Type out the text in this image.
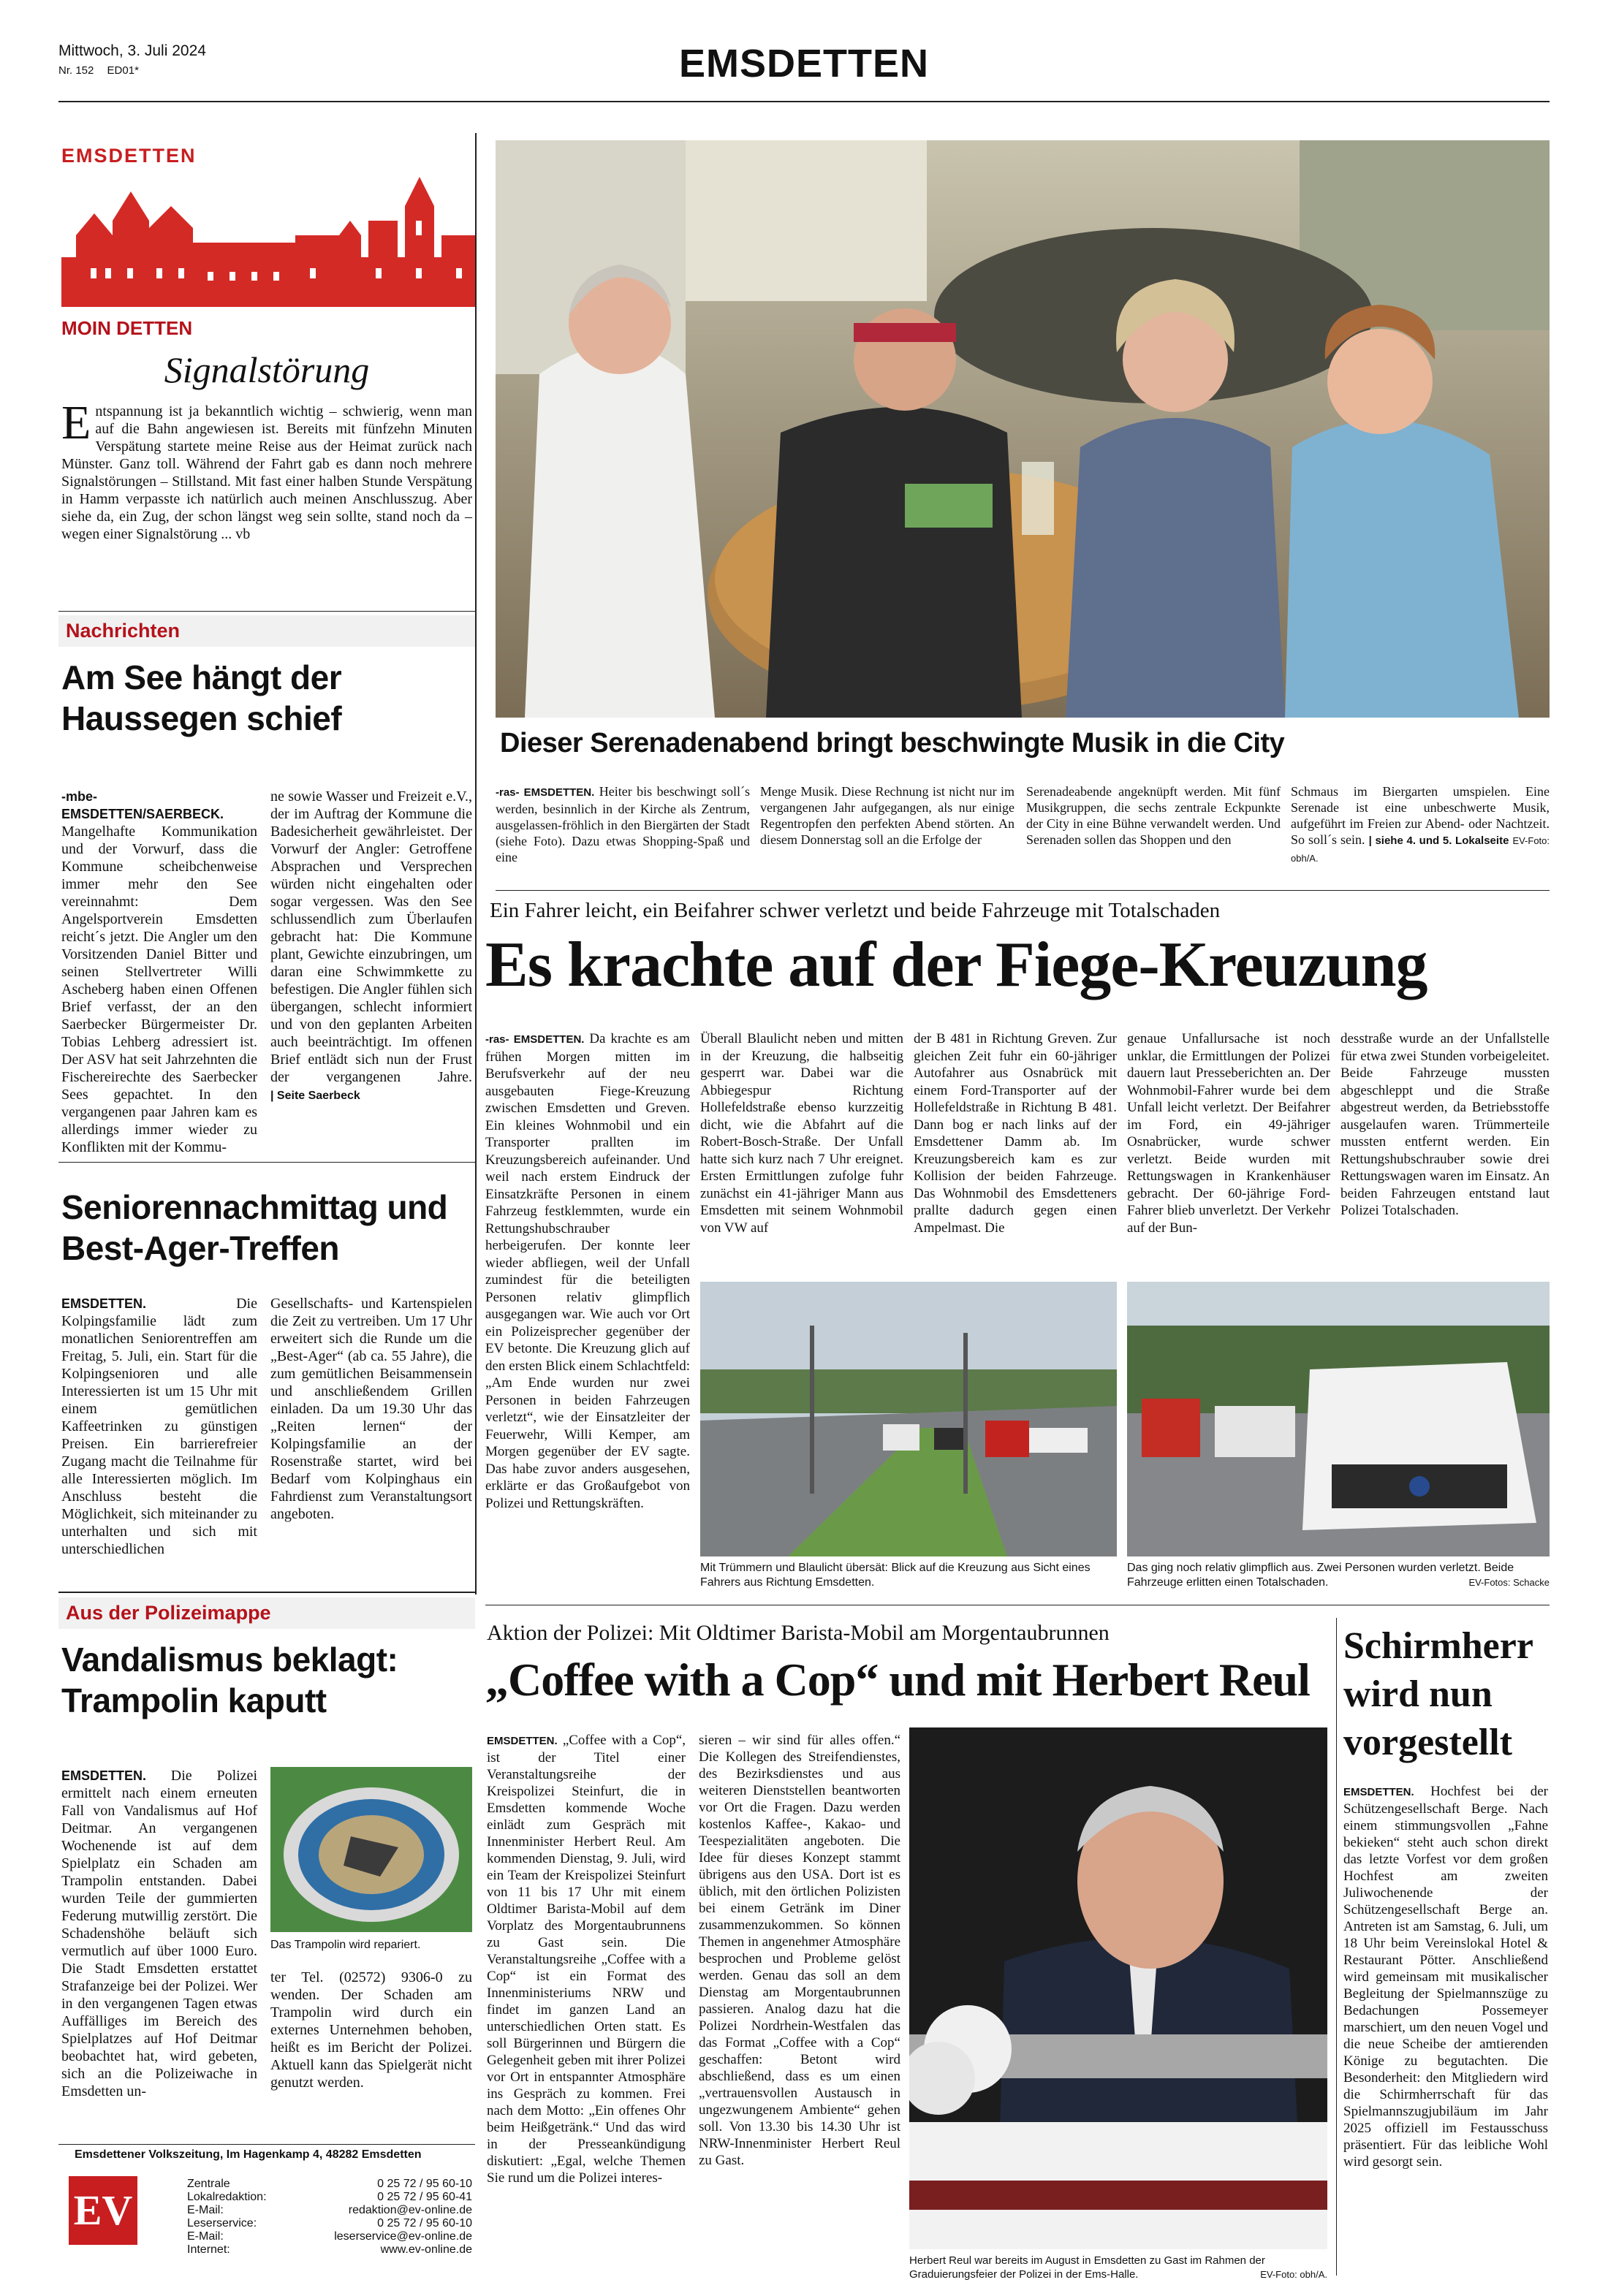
Mittwoch, 3. Juli 2024
Nr. 152 ED01*	EMSDETTEN
EMSDETTEN
MOIN DETTEN
Signalstörung
E ntspannung ist ja bekanntlich wichtig – schwierig, wenn man auf die Bahn angewiesen ist. Bereits mit fünfzehn Minuten Verspätung startete meine Reise aus der Heimat zurück nach Münster. Ganz toll. Während der Fahrt gab es dann noch mehrere Signalstörungen – Stillstand. Mit fast einer halben Stunde Verspätung in Hamm verpasste ich natürlich auch meinen Anschlusszug. Aber siehe da, ein Zug, der schon längst weg sein sollte, stand noch da – wegen einer Signalstörung ... vb
Nachrichten
Am See hängt der Haussegen schief
-mbe- EMSDETTEN/SAERBECK. Mangelhafte Kommunikation und der Vorwurf, dass die Kommune scheibchenweise immer mehr den See vereinnahmt: Dem Angelsportverein Emsdetten reicht´s jetzt. Die Angler um den Vorsitzenden Daniel Bitter und seinen Stellvertreter Willi Ascheberg haben einen Offenen Brief verfasst, der an den Saerbecker Bürgermeister Dr. Tobias Lehberg adressiert ist. Der ASV hat seit Jahrzehnten die Fischereirechte des Saerbecker Sees gepachtet. In den vergangenen paar Jahren kam es allerdings immer wieder zu Konflikten mit der Kommu-
ne sowie Wasser und Freizeit e.V., der im Auftrag der Kommune die Badesicherheit gewährleistet. Der Vorwurf der Angler: Getroffene Absprachen und Versprechen würden nicht eingehalten oder sogar vergessen. Was den See schlussendlich zum Überlaufen gebracht hat: Die Kommune plant, Gewichte einzubringen, um daran eine Schwimmkette zu befestigen. Die Angler fühlen sich übergangen, schlecht informiert und von den geplanten Arbeiten auch beeinträchtigt. Im offenen Brief entlädt sich nun der Frust der vergangenen Jahre. | Seite Saerbeck
Seniorennachmittag und Best-Ager-Treffen
EMSDETTEN.	Die Kolpingsfamilie lädt zum monatlichen Seniorentreffen am Freitag, 5. Juli, ein. Start für die Kolpingsenioren und alle Interessierten ist um 15 Uhr mit einem gemütlichen Kaffeetrinken zu günstigen Preisen. Ein barrierefreier Zugang macht die Teilnahme für alle Interessierten möglich. Im Anschluss besteht die Möglichkeit, sich miteinander zu unterhalten und sich mit unterschiedlichen
Gesellschafts- und Kartenspielen die Zeit zu vertreiben. Um 17 Uhr erweitert sich die Runde um die „Best-Ager“ (ab ca. 55 Jahre), die zum gemütlichen Beisammensein und anschließendem Grillen einladen. Da um 19.30 Uhr das „Reiten lernen“ der Kolpingsfamilie an der Rosenstraße startet, wird bei Bedarf vom Kolpinghaus ein Fahrdienst zum Veranstaltungsort angeboten.
Aus der Polizeimappe
Vandalismus beklagt: Trampolin kaputt
EMSDETTEN. Die Polizei ermittelt nach einem erneuten Fall von Vandalismus auf Hof Deitmar. An vergangenen Wochenende ist auf dem Spielplatz ein Schaden am Trampolin entstanden. Dabei wurden Teile der gummierten Federung mutwillig zerstört. Die Schadenshöhe beläuft sich vermutlich auf über 1000 Euro. Die Stadt Emsdetten erstattet Strafanzeige bei der Polizei. Wer in den vergangenen Tagen etwas Auffälliges im Bereich des Spielplatzes auf Hof Deitmar beobachtet hat, wird gebeten, sich an die Polizeiwache in Emsdetten un-
Das Trampolin wird repariert.
ter Tel. (02572) 9306-0 zu wenden. Der Schaden am Trampolin wird durch ein externes Unternehmen behoben, heißt es im Bericht der Polizei. Aktuell kann das Spielgerät nicht genutzt werden.
Emsdettener Volkszeitung, Im Hagenkamp 4, 48282 Emsdetten
EV
Zentrale	0 25 72 / 95 60-10
Lokalredaktion:	0 25 72 / 95 60-41
E-Mail:	redaktion@ev-online.de
Leserservice:	0 25 72 / 95 60-10
E-Mail:	leserservice@ev-online.de
Internet:	www.ev-online.de
Dieser Serenadenabend bringt beschwingte Musik in die City
-ras- EMSDETTEN. Heiter bis beschwingt soll´s werden, besinnlich in der Kirche als Zentrum, ausgelassen-fröhlich in den Biergärten der Stadt (siehe Foto). Dazu etwas Shopping-Spaß und eine
Menge Musik. Diese Rechnung ist nicht nur im vergangenen Jahr aufgegangen, als nur einige Regentropfen den perfekten Abend störten. An diesem Donnerstag soll an die Erfolge der
Serenadeabende angeknüpft werden. Mit fünf Musikgruppen, die sechs zentrale Eckpunkte der City in eine Bühne verwandelt werden. Und Serenaden sollen das Shoppen und den
Schmaus im Biergarten umspielen. Eine Serenade ist eine unbeschwerte Musik, aufgeführt im Freien zur Abend- oder Nachtzeit. So soll´s sein. | siehe 4. und 5. Lokalseite EV-Foto: obh/A.
Ein Fahrer leicht, ein Beifahrer schwer verletzt und beide Fahrzeuge mit Totalschaden
Es krachte auf der Fiege-Kreuzung
-ras- EMSDETTEN. Da krachte es am frühen Morgen mitten im Berufsverkehr auf der neu ausgebauten Fiege-Kreuzung zwischen Emsdetten und Greven. Ein kleines Wohnmobil und ein Transporter prallten im Kreuzungsbereich aufeinander. Und weil nach erstem Eindruck der Einsatzkräfte Personen in einem Fahrzeug festklemmten, wurde ein Rettungshubschrauber herbeigerufen. Der konnte leer wieder abfliegen, weil der Unfall zumindest für die beteiligten Personen relativ glimpflich ausgegangen war. Wie auch vor Ort ein Polizeisprecher gegenüber der EV betonte. Die Kreuzung glich auf den ersten Blick einem Schlachtfeld: „Am Ende wurden nur zwei Personen in beiden Fahrzeugen verletzt“, wie der Einsatzleiter der Feuerwehr, Willi Kemper, am Morgen gegenüber der EV sagte. Das habe zuvor anders ausgesehen, erklärte er das Großaufgebot von Polizei und Rettungskräften.
Überall Blaulicht neben und mitten in der Kreuzung, die halbseitig gesperrt war. Dabei war die Abbiegespur Richtung Hollefeldstraße ebenso kurzzeitig dicht, wie die Abfahrt auf die Robert-Bosch-Straße. Der Unfall hatte sich kurz nach 7 Uhr ereignet. Ersten Ermittlungen zufolge fuhr zunächst ein 41-jähriger Mann aus Emsdetten mit seinem Wohnmobil von VW auf
der B 481 in Richtung Greven. Zur gleichen Zeit fuhr ein 60-jähriger Autofahrer aus Osnabrück mit einem Ford-Transporter auf der Hollefeldstraße in Richtung B 481. Dann bog er nach links auf der Emsdettener Damm ab. Im Kreuzungsbereich kam es zur Kollision der beiden Fahrzeuge. Das Wohnmobil des Emsdetteners prallte dadurch gegen einen Ampelmast. Die
genaue Unfallursache ist noch unklar, die Ermittlungen der Polizei dauern laut Presseberichten an. Der Wohnmobil-Fahrer wurde bei dem Unfall leicht verletzt. Der Beifahrer im Ford, ein 49-jähriger Osnabrücker, wurde schwer verletzt. Beide wurden mit Rettungswagen in Krankenhäuser gebracht. Der 60-jährige Ford-Fahrer blieb unverletzt. Der Verkehr auf der Bun-
desstraße wurde an der Unfallstelle für etwa zwei Stunden vorbeigeleitet. Beide Fahrzeuge mussten abgeschleppt und die Straße abgestreut werden, da Betriebsstoffe ausgelaufen waren. Trümmerteile mussten entfernt werden. Ein Rettungshubschrauber sowie drei Rettungswagen waren im Einsatz. An beiden Fahrzeugen entstand laut Polizei Totalschaden.
Mit Trümmern und Blaulicht übersät: Blick auf die Kreuzung aus Sicht eines Fahrers aus Richtung Emsdetten.
Das ging noch relativ glimpflich aus. Zwei Personen wurden verletzt. Beide Fahrzeuge erlitten einen Totalschaden.	EV-Fotos: Schacke
Aktion der Polizei: Mit Oldtimer Barista-Mobil am Morgentaubrunnen
„Coffee with a Cop“ und mit Herbert Reul
EMSDETTEN. „Coffee with a Cop“, ist der Titel einer Veranstaltungsreihe der Kreispolizei Steinfurt, die in Emsdetten kommende Woche einlädt zum Gespräch mit Innenminister Herbert Reul. Am kommenden Dienstag, 9. Juli, wird ein Team der Kreispolizei Steinfurt von 11 bis 17 Uhr mit einem Oldtimer Barista-Mobil auf dem Vorplatz des Morgentaubrunnens zu Gast sein. Die Veranstaltungsreihe „Coffee with a Cop“ ist ein Format des Innenministeriums NRW und findet im ganzen Land an unterschiedlichen Orten statt. Es soll Bürgerinnen und Bürgern die Gelegenheit geben mit ihrer Polizei vor Ort in entspannter Atmosphäre ins Gespräch zu kommen. Frei nach dem Motto: „Ein offenes Ohr beim Heißgetränk.“ Und das wird in der Presseankündigung diskutiert: „Egal, welche Themen Sie rund um die Polizei interes-
sieren – wir sind für alles offen.“ Die Kollegen des Streifendienstes, des Bezirksdienstes und aus weiteren Dienststellen beantworten vor Ort die Fragen. Dazu werden kostenlos Kaffee-, Kakao- und Teespezialitäten angeboten. Die Idee für dieses Konzept stammt übrigens aus den USA. Dort ist es üblich, mit den örtlichen Polizisten bei einem Getränk im Diner zusammenzukommen. So können Themen in angenehmer Atmosphäre besprochen und Probleme gelöst werden. Genau das soll an dem Dienstag am Morgentaubrunnen passieren. Analog dazu hat die Polizei Nordrhein-Westfalen das das Format „Coffee with a Cop“ geschaffen: Betont wird abschließend, dass es um einen „vertrauensvollen Austausch in ungezwungenem Ambiente“ gehen soll. Von 13.30 bis 14.30 Uhr ist NRW-Innenminister Herbert Reul zu Gast.
Herbert Reul war bereits im August in Emsdetten zu Gast im Rahmen der Graduierungsfeier der Polizei in der Ems-Halle.	EV-Foto: obh/A.
Schirmherr wird nun vorgestellt
EMSDETTEN. Hochfest bei der Schützengesellschaft Berge. Nach einem stimmungsvollen „Fahne bekieken“ steht auch schon direkt das letzte Vorfest vor dem großen Hochfest am zweiten Juliwochenende der Schützengesellschaft Berge an. Antreten ist am Samstag, 6. Juli, um 18 Uhr beim Vereinslokal Hotel & Restaurant Pötter. Anschließend wird gemeinsam mit musikalischer Begleitung der Spielmannszüge zu Bedachungen Possemeyer marschiert, um den neuen Vogel und die neue Scheibe der amtierenden Könige zu begutachten. Die Besonderheit: den Mitgliedern wird die Schirmherrschaft für das Spielmannszugjubiläum im Jahr 2025 offiziell im Festausschuss präsentiert. Für das leibliche Wohl wird gesorgt sein.
